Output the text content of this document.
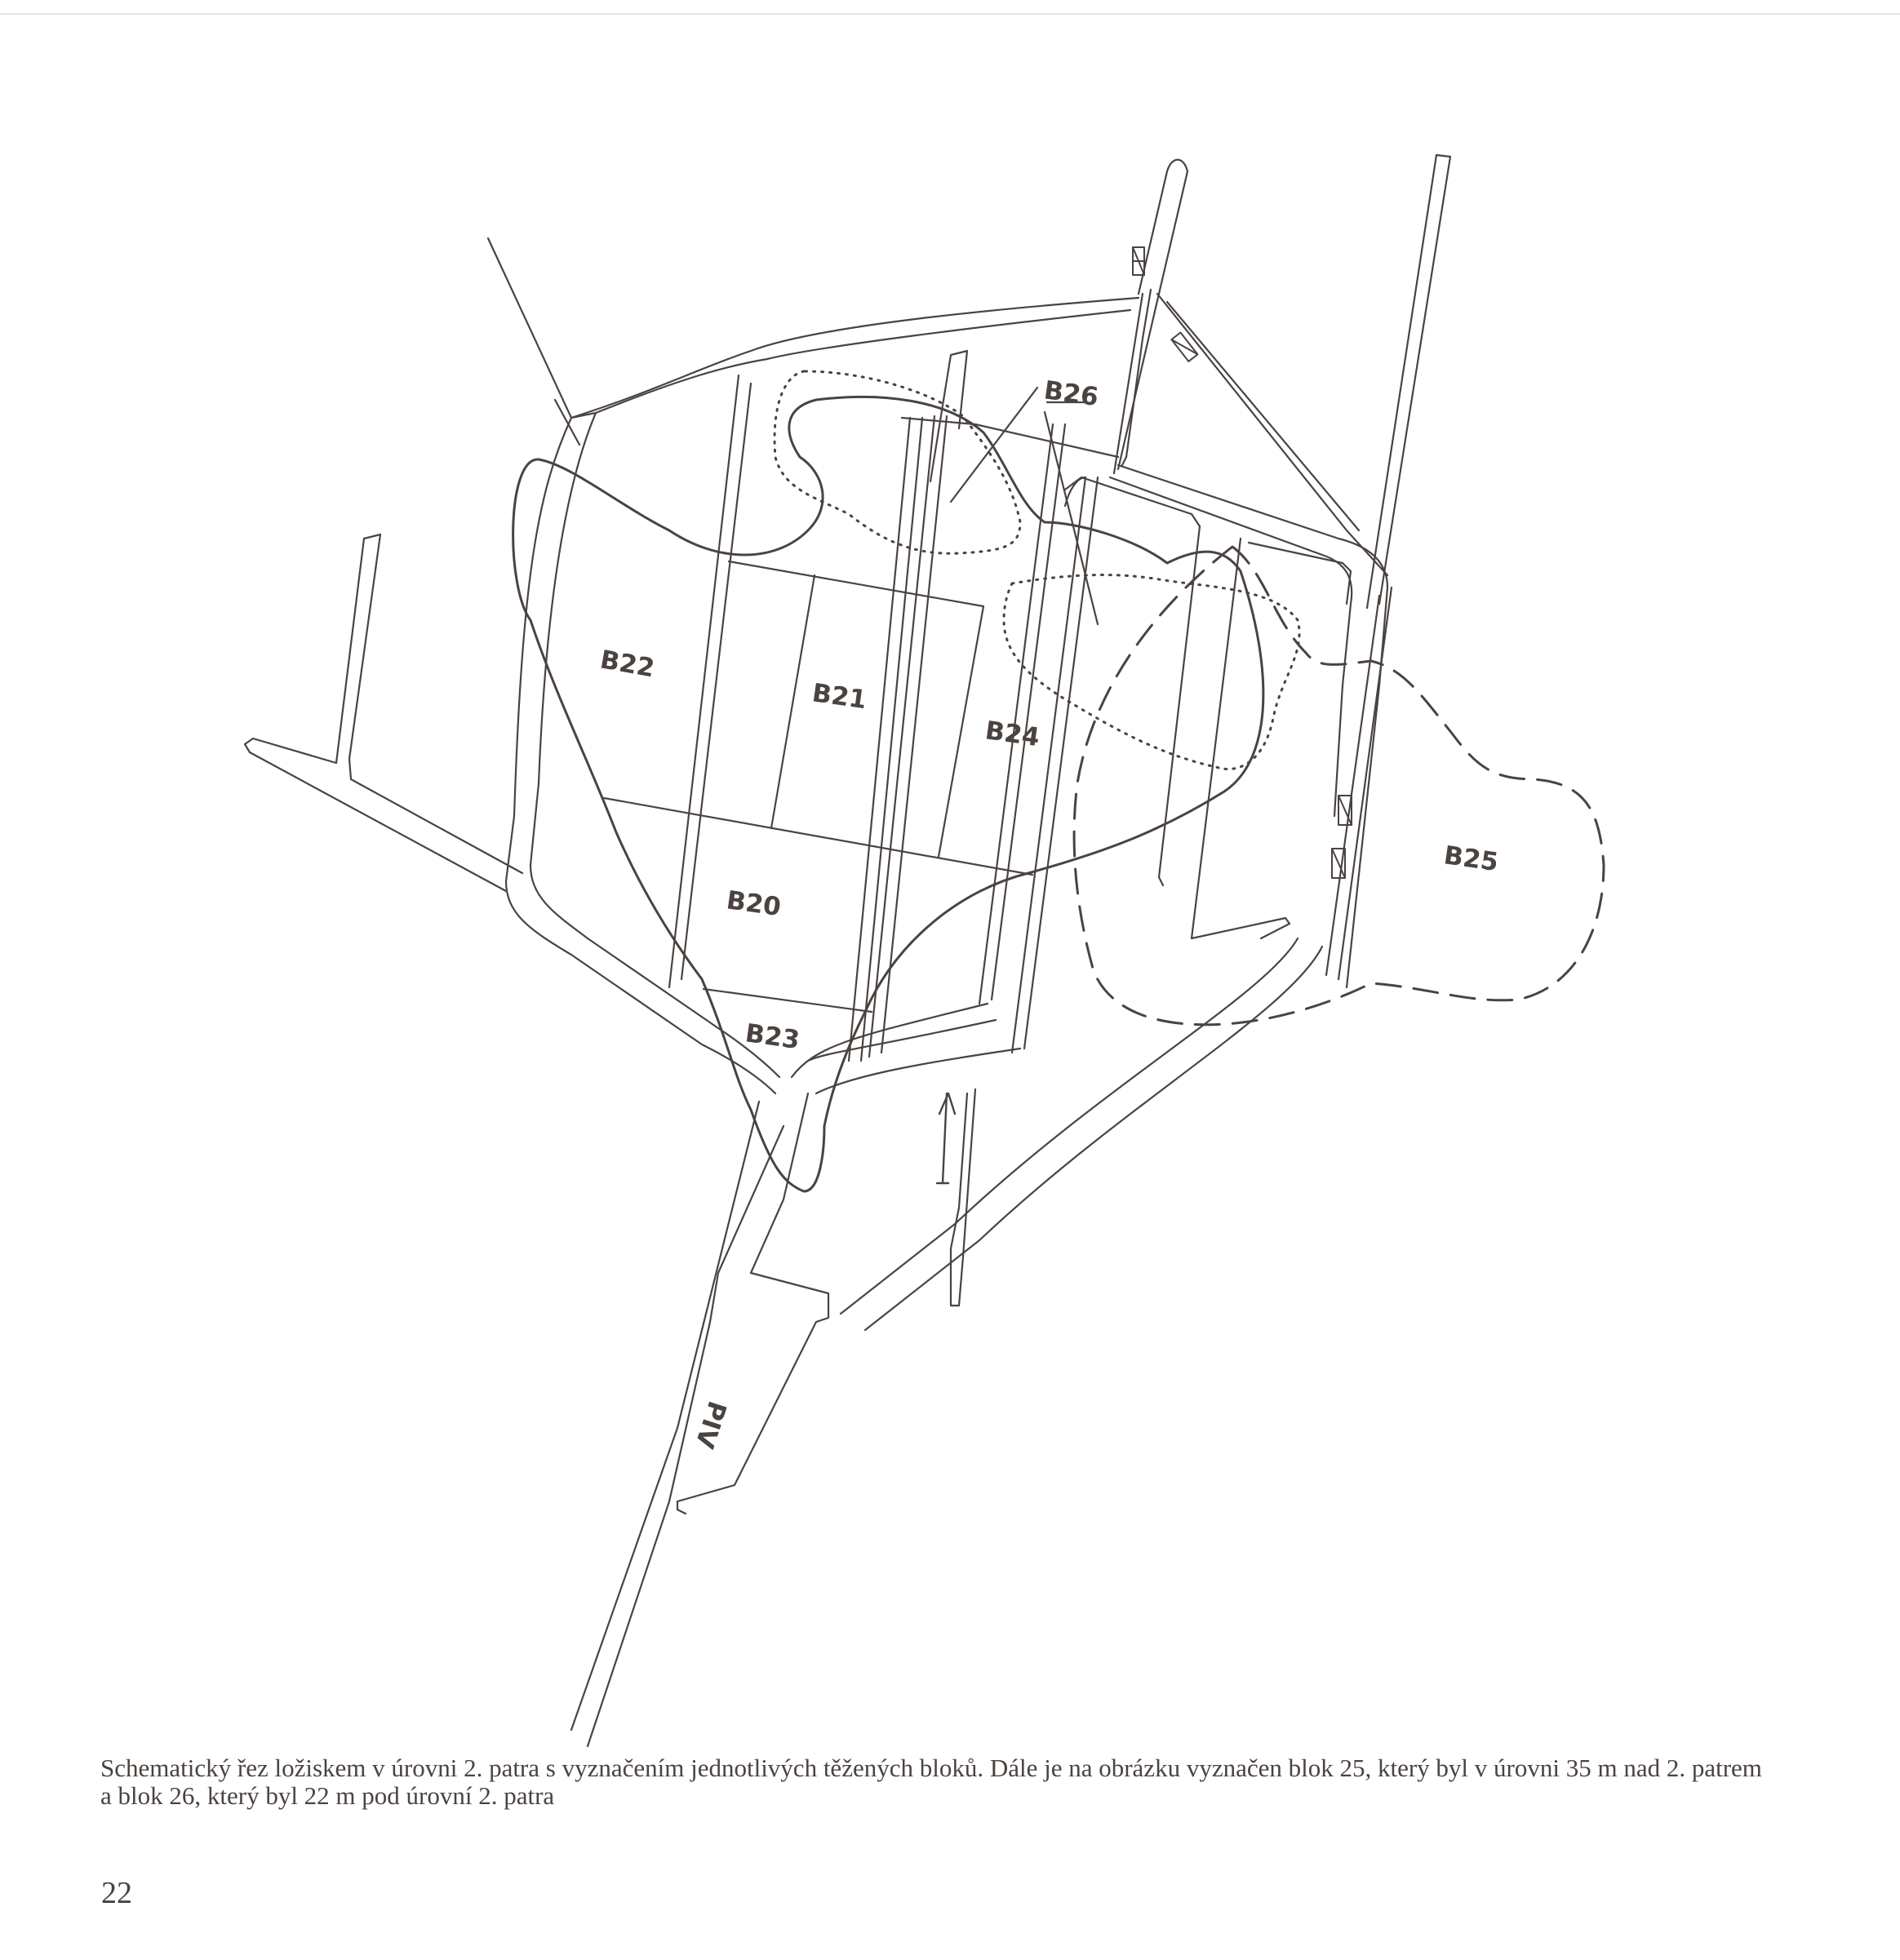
B22
B21
B24
B26
B20
B23
B25
PIV

Schematický řez ložiskem v úrovni 2. patra s vyznačením jednotlivých těžených bloků. Dále je na obrázku vyznačen blok 25, který byl v úrovni 35 m nad 2. patrem a blok 26, který byl 22 m pod úrovní 2. patra

22
